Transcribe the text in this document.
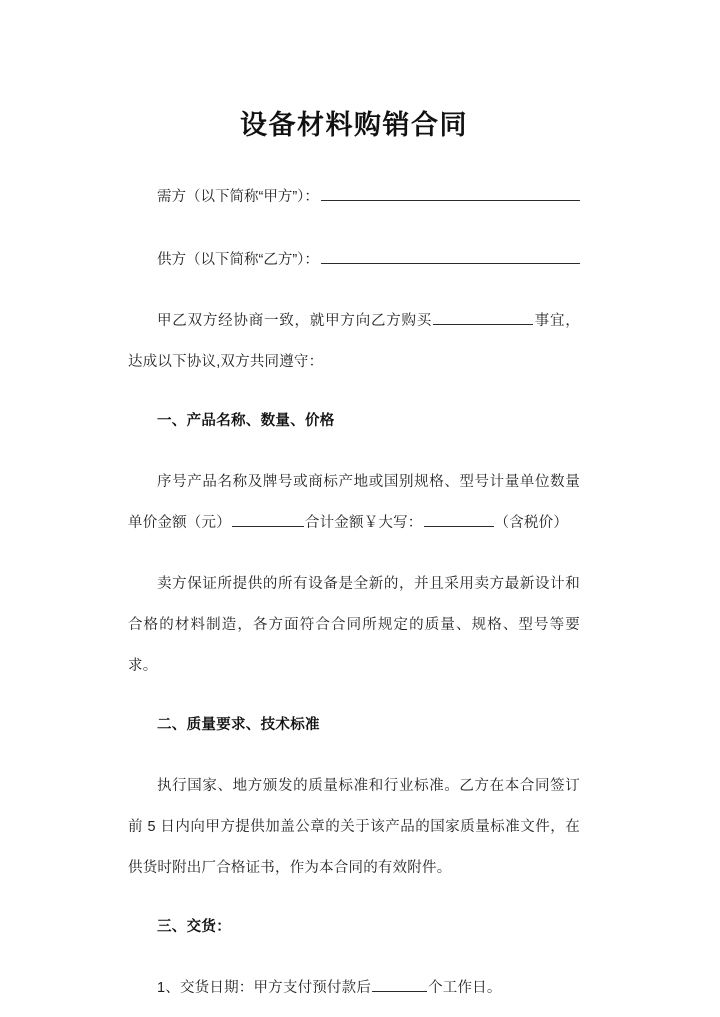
设备材料购销合同
需方（以下简称“甲方”）：
供方（以下简称“乙方”）：

甲乙双方经协商一致，就甲方向乙方购买	事宜，达成以下协议,双方共同遵守：

一、产品名称、数量、价格

序号产品名称及牌号或商标产地或国别规格、型号计量单位数量单价金额（元）	合计金额￥大写：	（含税价）

卖方保证所提供的所有设备是全新的，并且采用卖方最新设计和合格的材料制造，各方面符合合同所规定的质量、规格、型号等要求。

二、质量要求、技术标准

执行国家、地方颁发的质量标准和行业标准。乙方在本合同签订前 5 日内向甲方提供加盖公章的关于该产品的国家质量标准文件，在供货时附出厂合格证书，作为本合同的有效附件。

三、交货：

1、交货日期：甲方支付预付款后	个工作日。
